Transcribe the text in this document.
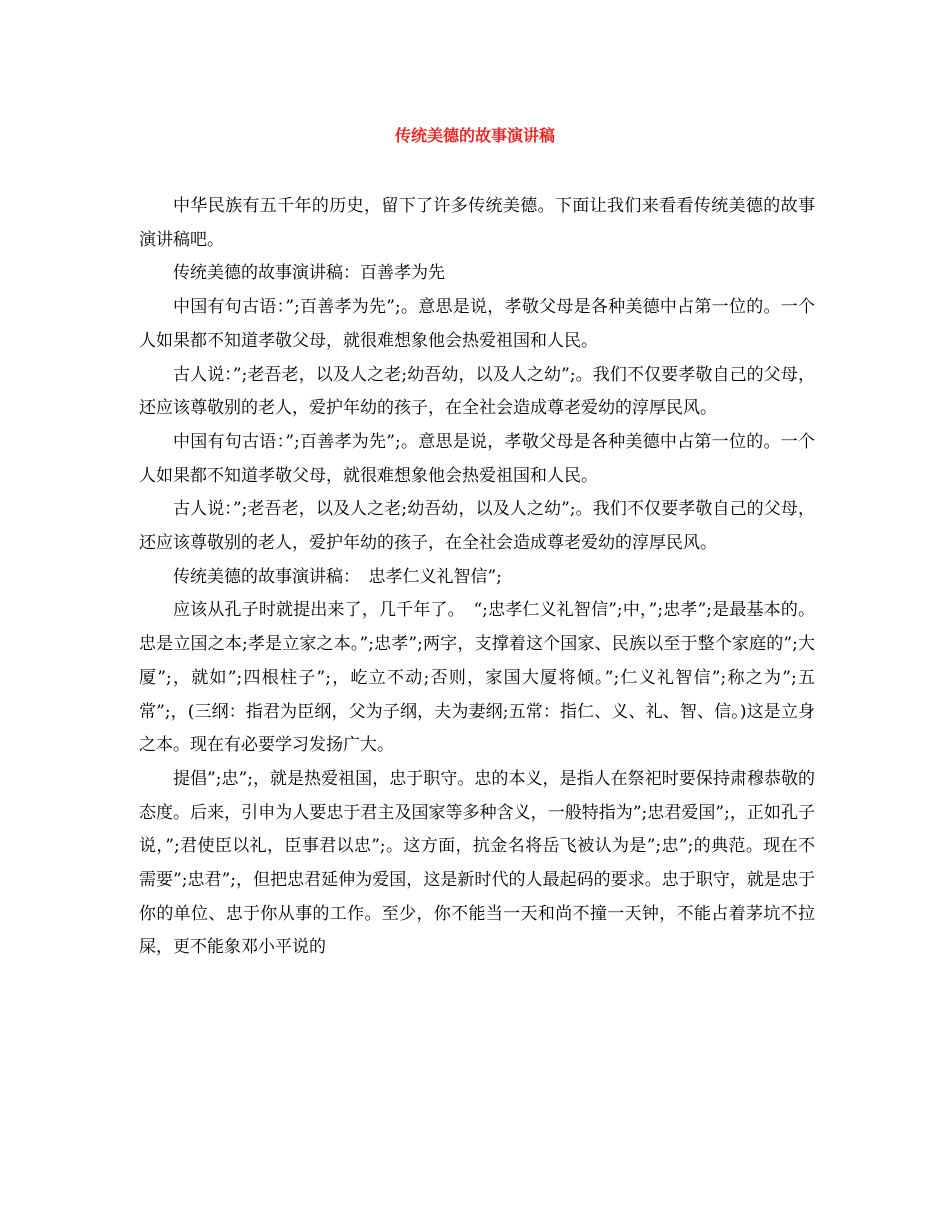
传统美德的故事演讲稿

中华民族有五千年的历史，留下了许多传统美德。下面让我们来看看传统美德的故事演讲稿吧。

传统美德的故事演讲稿：百善孝为先

中国有句古语：”;百善孝为先”;。意思是说，孝敬父母是各种美德中占第一位的。一个人如果都不知道孝敬父母，就很难想象他会热爱祖国和人民。

古人说：”;老吾老，以及人之老;幼吾幼，以及人之幼”;。我们不仅要孝敬自己的父母，还应该尊敬别的老人，爱护年幼的孩子，在全社会造成尊老爱幼的淳厚民风。

中国有句古语：”;百善孝为先”;。意思是说，孝敬父母是各种美德中占第一位的。一个人如果都不知道孝敬父母，就很难想象他会热爱祖国和人民。

古人说：”;老吾老，以及人之老;幼吾幼，以及人之幼”;。我们不仅要孝敬自己的父母，还应该尊敬别的老人，爱护年幼的孩子，在全社会造成尊老爱幼的淳厚民风。

传统美德的故事演讲稿：　忠孝仁义礼智信”;

应该从孔子时就提出来了，几千年了。　“;忠孝仁义礼智信”;中，”;忠孝”;是最基本的。忠是立国之本;孝是立家之本。”;忠孝”;两字，支撑着这个国家、民族以至于整个家庭的”;大厦”;，就如”;四根柱子”;，屹立不动;否则，家国大厦将倾。”;仁义礼智信”;称之为”;五常”;，(三纲：指君为臣纲，父为子纲，夫为妻纲;五常：指仁、义、礼、智、信。)这是立身之本。现在有必要学习发扬广大。

提倡”;忠”;，就是热爱祖国，忠于职守。忠的本义，是指人在祭祀时要保持肃穆恭敬的态度。后来，引申为人要忠于君主及国家等多种含义，一般特指为”;忠君爱国”;，正如孔子说，”;君使臣以礼，臣事君以忠”;。这方面，抗金名将岳飞被认为是”;忠”;的典范。现在不需要”;忠君”;，但把忠君延伸为爱国，这是新时代的人最起码的要求。忠于职守，就是忠于你的单位、忠于你从事的工作。至少，你不能当一天和尚不撞一天钟，不能占着茅坑不拉屎，更不能象邓小平说的
